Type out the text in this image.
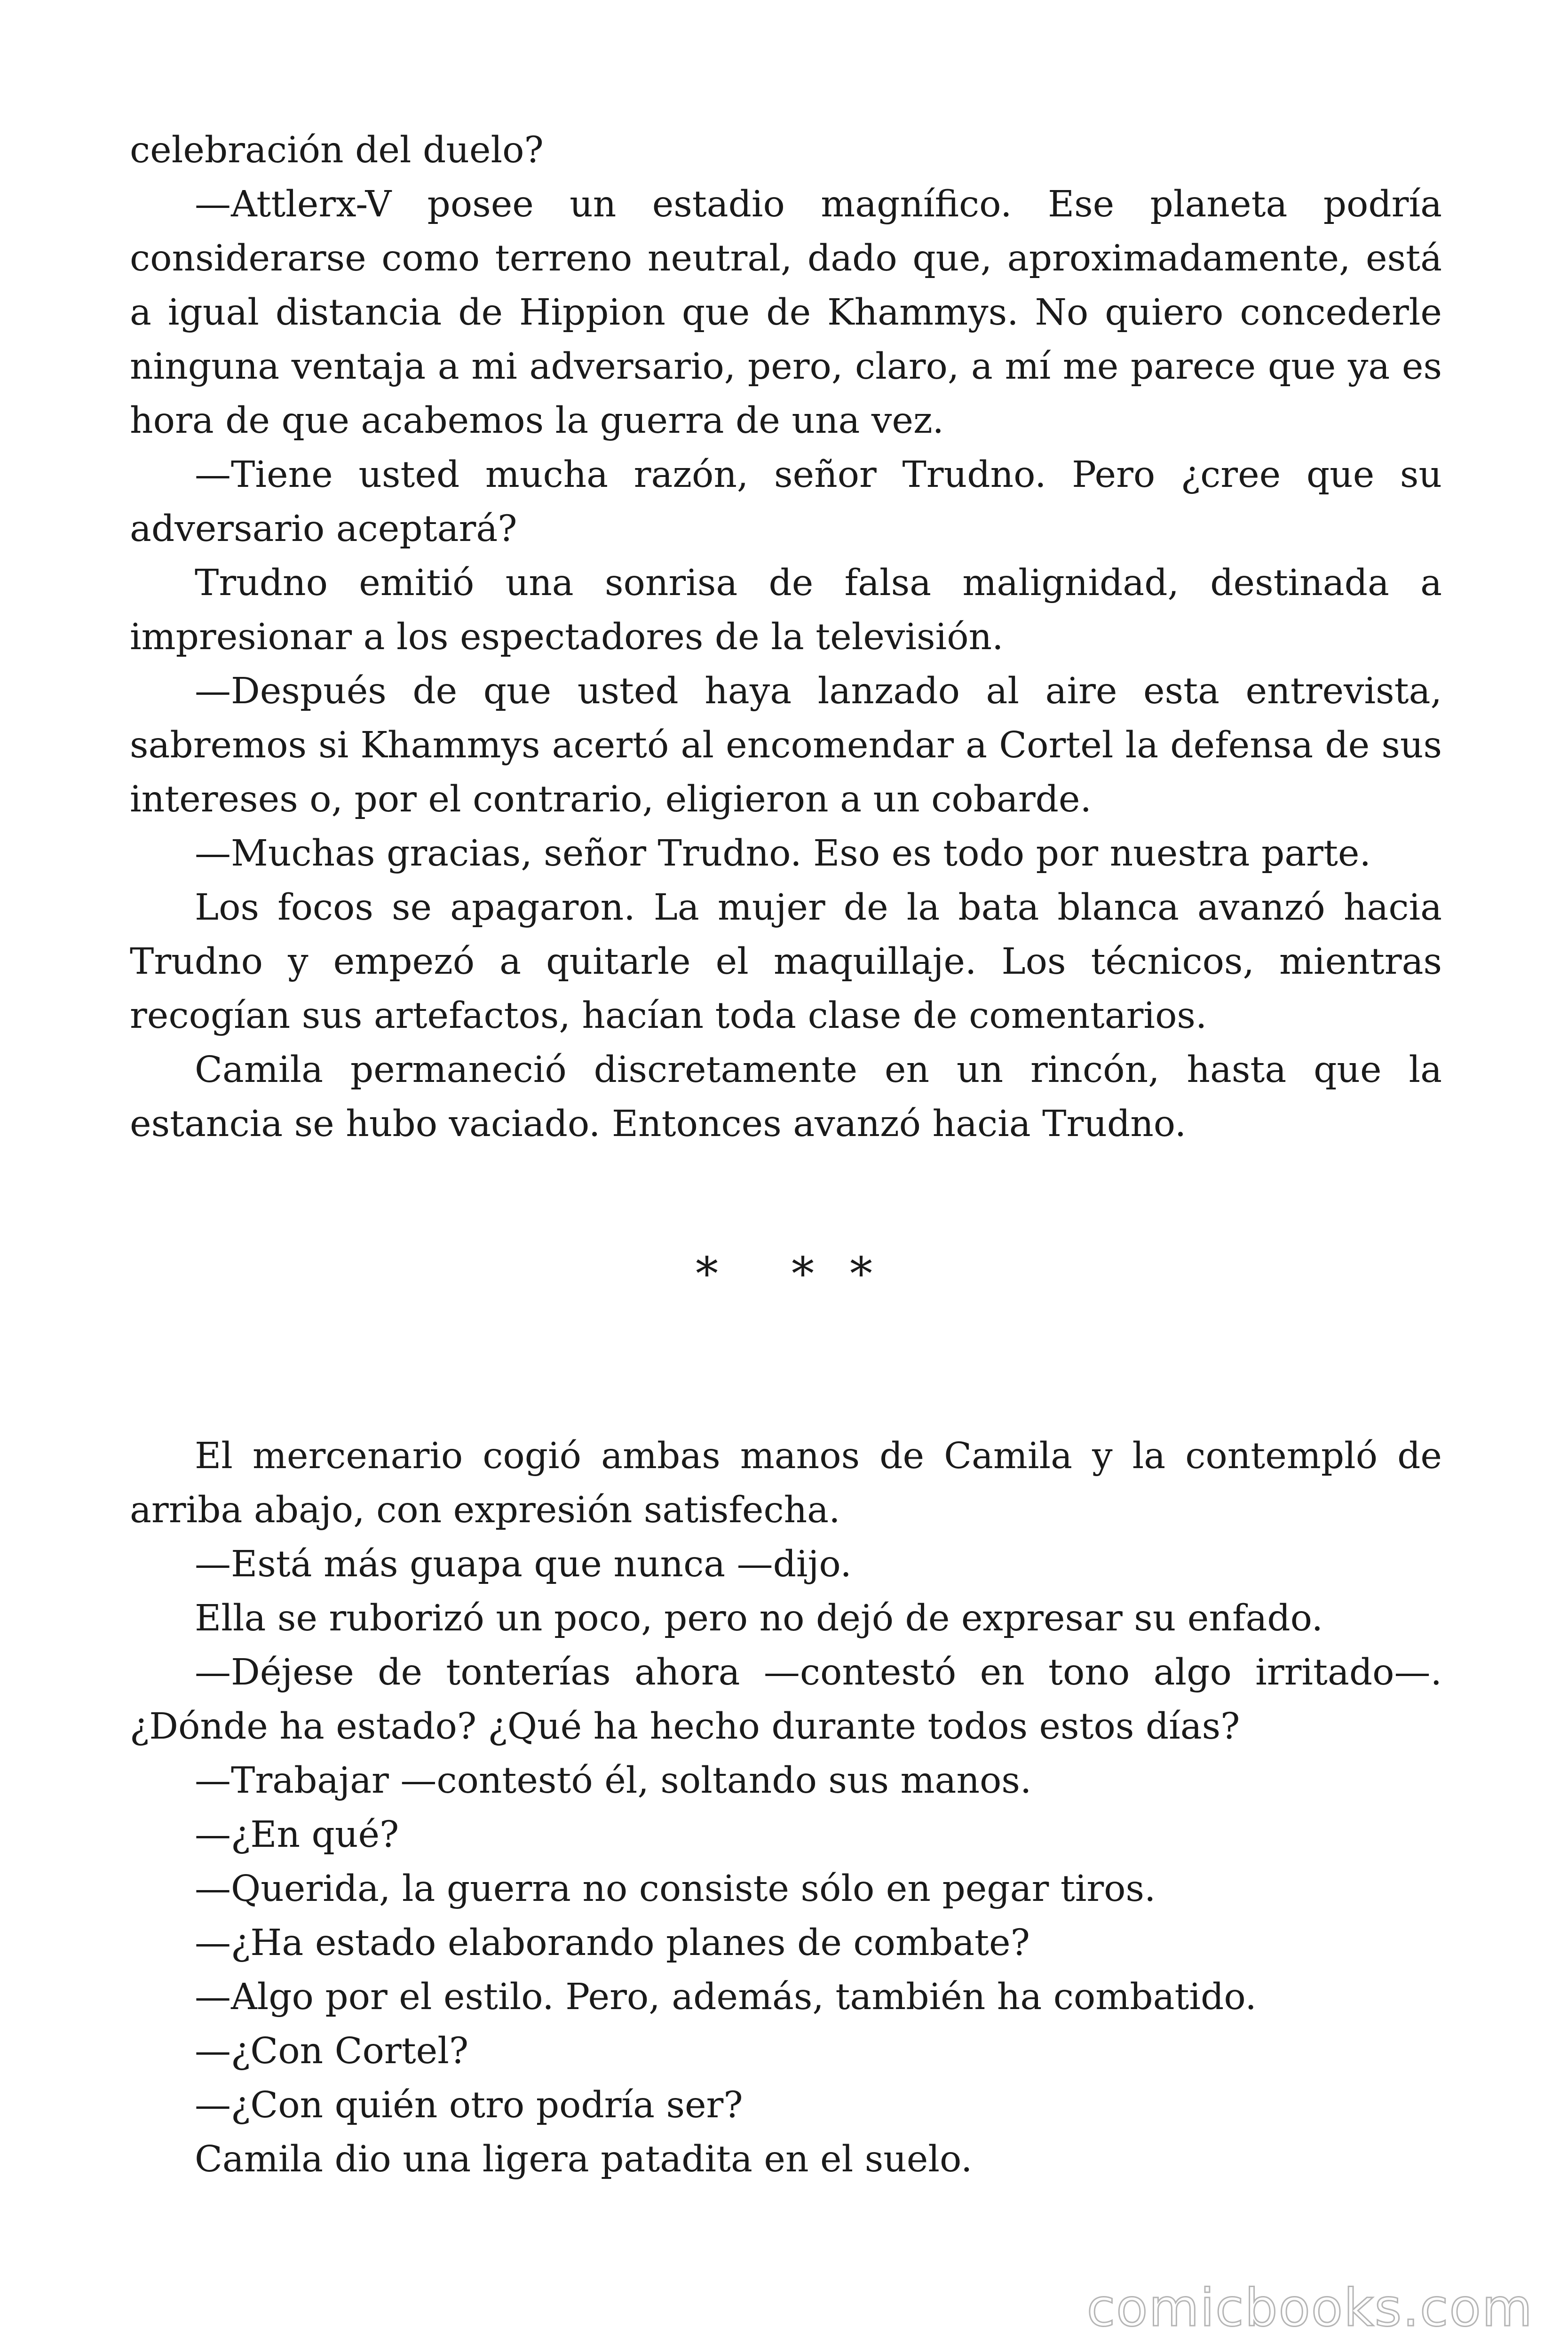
celebración del duelo?

—Attlerx-V posee un estadio magnífico. Ese planeta podría considerarse como terreno neutral, dado que, aproximadamente, está a igual distancia de Hippion que de Khammys. No quiero concederle ninguna ventaja a mi adversario, pero, claro, a mí me parece que ya es hora de que acabemos la guerra de una vez.

—Tiene usted mucha razón, señor Trudno. Pero ¿cree que su adversario aceptará?

Trudno emitió una sonrisa de falsa malignidad, destinada a impresionar a los espectadores de la televisión.

—Después de que usted haya lanzado al aire esta entrevista, sabremos si Khammys acertó al encomendar a Cortel la defensa de sus intereses o, por el contrario, eligieron a un cobarde.

—Muchas gracias, señor Trudno. Eso es todo por nuestra parte.

Los focos se apagaron. La mujer de la bata blanca avanzó hacia Trudno y empezó a quitarle el maquillaje. Los técnicos, mientras recogían sus artefactos, hacían toda clase de comentarios.

Camila permaneció discretamente en un rincón, hasta que la estancia se hubo vaciado. Entonces avanzó hacia Trudno.

* * *

El mercenario cogió ambas manos de Camila y la contempló de arriba abajo, con expresión satisfecha.

—Está más guapa que nunca —dijo.

Ella se ruborizó un poco, pero no dejó de expresar su enfado.

—Déjese de tonterías ahora —contestó en tono algo irritado—. ¿Dónde ha estado? ¿Qué ha hecho durante todos estos días?

—Trabajar —contestó él, soltando sus manos.

—¿En qué?

—Querida, la guerra no consiste sólo en pegar tiros.

—¿Ha estado elaborando planes de combate?

—Algo por el estilo. Pero, además, también ha combatido.

—¿Con Cortel?

—¿Con quién otro podría ser?

Camila dio una ligera patadita en el suelo.

comicbooks.com
